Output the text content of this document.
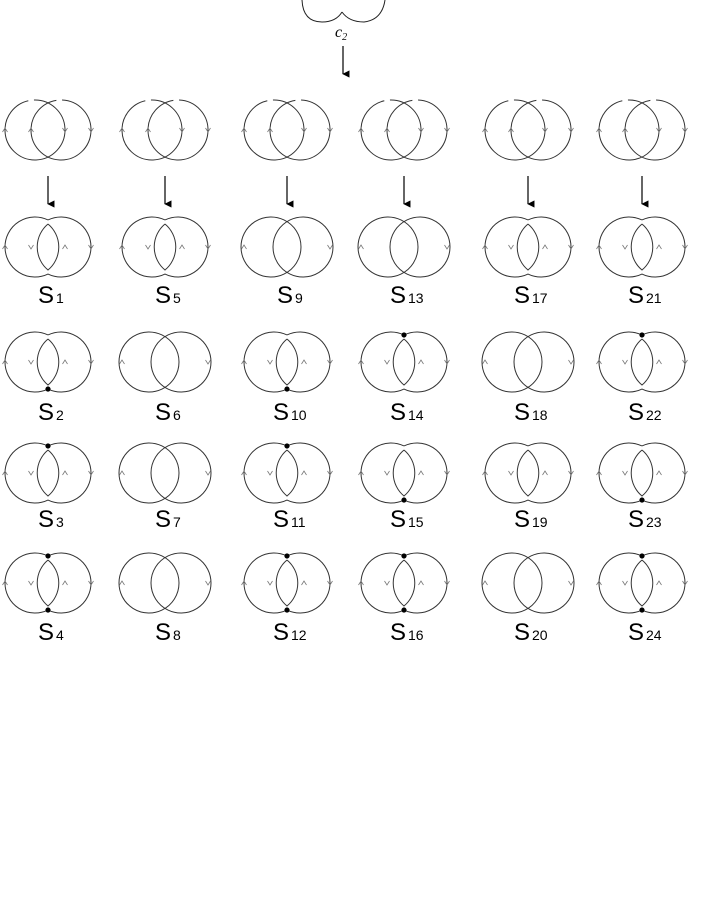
c2
S 1	S 5	S 9	S 13	S 17	S 21
S 2	S 6	S 10	S 14	S 18	S 22
S 3	S 7	S 11	S 15	S 19	S 23
S 4	S 8	S 12	S 16	S 20	S 24
